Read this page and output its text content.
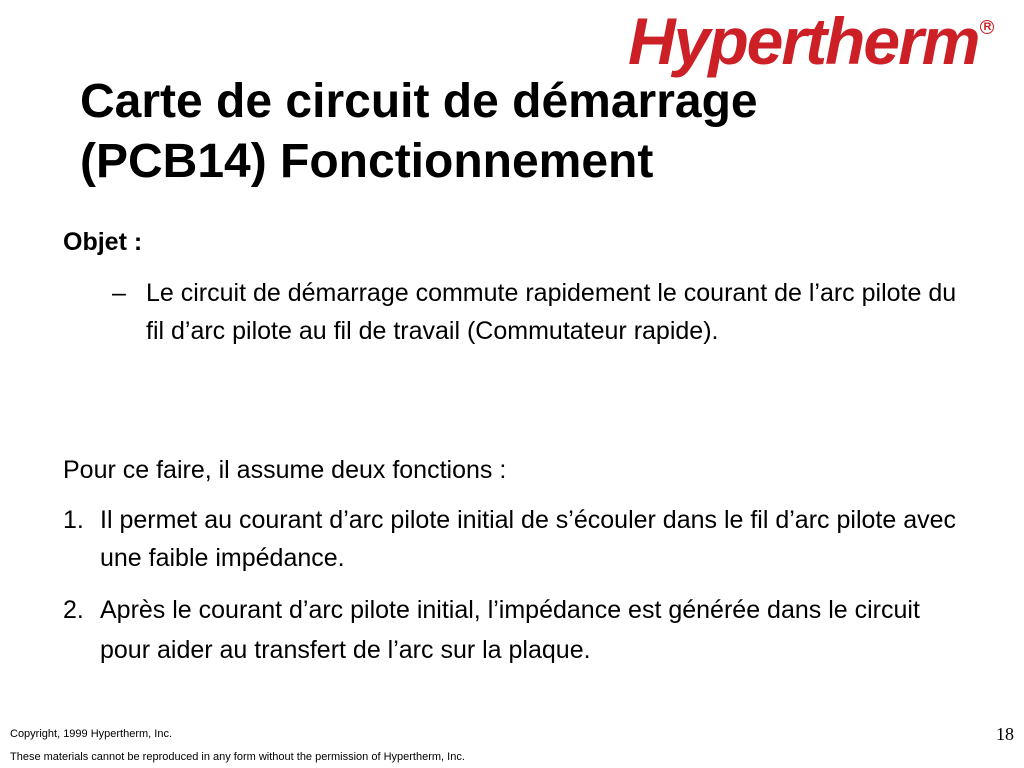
Hypertherm R
Carte de circuit de démarrage
(PCB14) Fonctionnement
Objet :
– Le circuit de démarrage commute rapidement le courant de l’arc pilote du fil d’arc pilote au fil de travail (Commutateur rapide).
Pour ce faire, il assume deux fonctions :
1. Il permet au courant d’arc pilote initial de s’écouler dans le fil d’arc pilote avec une faible impédance.
2. Après le courant d’arc pilote initial, l’impédance est générée dans le circuit pour aider au transfert de l’arc sur la plaque.
Copyright, 1999 Hypertherm, Inc.
These materials cannot be reproduced in any form without the permission of Hypertherm, Inc.
18
